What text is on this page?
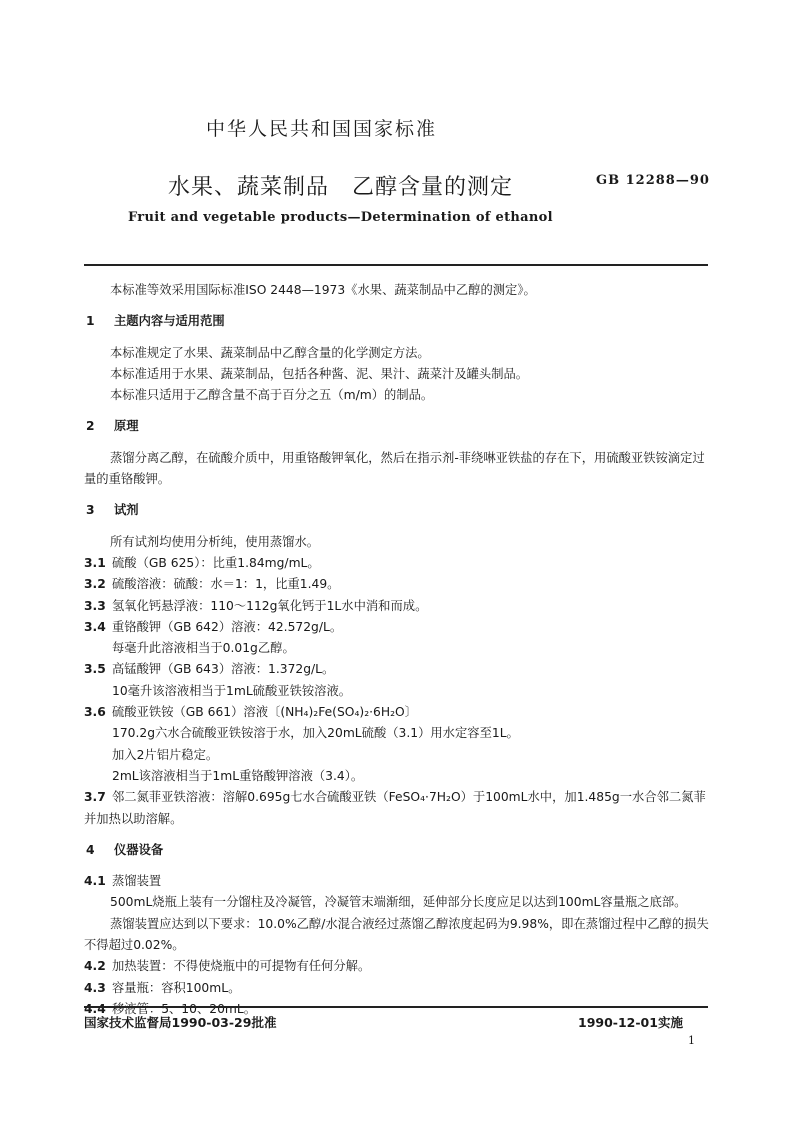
中华人民共和国国家标准
水果、蔬菜制品　乙醇含量的测定	GB 12288—90
Fruit and vegetable products—Determination of ethanol

本标准等效采用国际标准ISO 2448—1973《水果、蔬菜制品中乙醇的测定》。

1 主题内容与适用范围

本标准规定了水果、蔬菜制品中乙醇含量的化学测定方法。

本标准适用于水果、蔬菜制品，包括各种酱、泥、果汁、蔬菜汁及罐头制品。

本标准只适用于乙醇含量不高于百分之五（m/m）的制品。

2 原理

蒸馏分离乙醇，在硫酸介质中，用重铬酸钾氧化，然后在指示剂-菲绕啉亚铁盐的存在下，用硫酸亚铁铵滴定过量的重铬酸钾。

3 试剂

所有试剂均使用分析纯，使用蒸馏水。

3.1 硫酸（GB 625）：比重1.84mg/mL。

3.2 硫酸溶液：硫酸：水＝1：1，比重1.49。

3.3 氢氧化钙悬浮液：110～112g氧化钙于1L水中消和而成。

3.4 重铬酸钾（GB 642）溶液：42.572g/L。

每毫升此溶液相当于0.01g乙醇。

3.5 高锰酸钾（GB 643）溶液：1.372g/L。

10毫升该溶液相当于1mL硫酸亚铁铵溶液。

3.6 硫酸亚铁铵（GB 661）溶液〔(NH₄)₂Fe(SO₄)₂·6H₂O〕

170.2g六水合硫酸亚铁铵溶于水，加入20mL硫酸（3.1）用水定容至1L。

加入2片铝片稳定。

2mL该溶液相当于1mL重铬酸钾溶液（3.4）。

3.7 邻二氮菲亚铁溶液：溶解0.695g七水合硫酸亚铁（FeSO₄·7H₂O）于100mL水中，加1.485g一水合邻二氮菲并加热以助溶解。

4 仪器设备

4.1 蒸馏装置

500mL烧瓶上装有一分馏柱及冷凝管，冷凝管末端渐细，延伸部分长度应足以达到100mL容量瓶之底部。

蒸馏装置应达到以下要求：10.0%乙醇/水混合液经过蒸馏乙醇浓度起码为9.98%，即在蒸馏过程中乙醇的损失不得超过0.02%。

4.2 加热装置：不得使烧瓶中的可提物有任何分解。

4.3 容量瓶：容积100mL。

4.4 移液管：5、10、20mL。

国家技术监督局1990-03-29批准	1990-12-01实施
1
